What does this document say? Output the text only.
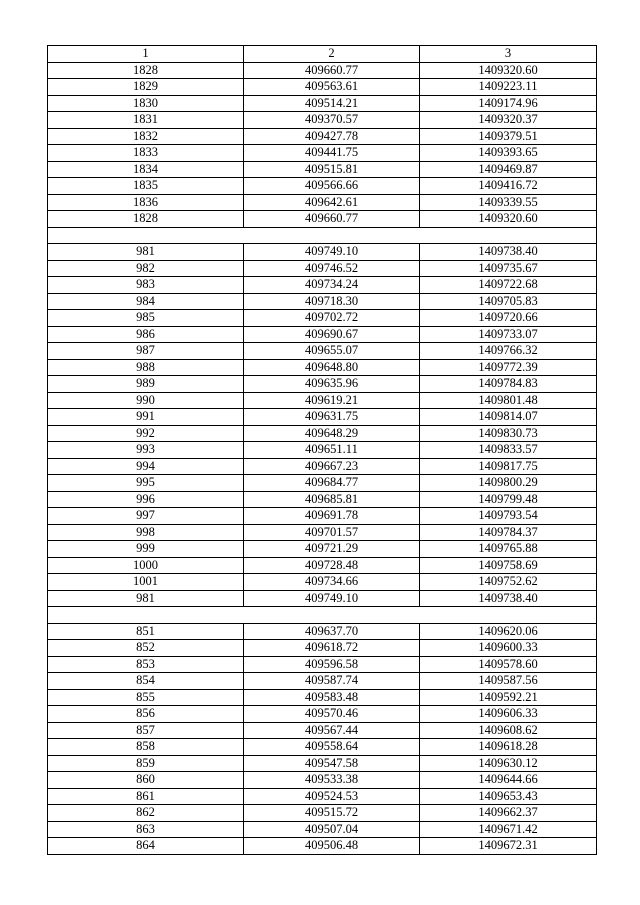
1	2	3
1828	409660.77	1409320.60
1829	409563.61	1409223.11
1830	409514.21	1409174.96
1831	409370.57	1409320.37
1832	409427.78	1409379.51
1833	409441.75	1409393.65
1834	409515.81	1409469.87
1835	409566.66	1409416.72
1836	409642.61	1409339.55
1828	409660.77	1409320.60

981	409749.10	1409738.40
982	409746.52	1409735.67
983	409734.24	1409722.68
984	409718.30	1409705.83
985	409702.72	1409720.66
986	409690.67	1409733.07
987	409655.07	1409766.32
988	409648.80	1409772.39
989	409635.96	1409784.83
990	409619.21	1409801.48
991	409631.75	1409814.07
992	409648.29	1409830.73
993	409651.11	1409833.57
994	409667.23	1409817.75
995	409684.77	1409800.29
996	409685.81	1409799.48
997	409691.78	1409793.54
998	409701.57	1409784.37
999	409721.29	1409765.88
1000	409728.48	1409758.69
1001	409734.66	1409752.62
981	409749.10	1409738.40

851	409637.70	1409620.06
852	409618.72	1409600.33
853	409596.58	1409578.60
854	409587.74	1409587.56
855	409583.48	1409592.21
856	409570.46	1409606.33
857	409567.44	1409608.62
858	409558.64	1409618.28
859	409547.58	1409630.12
860	409533.38	1409644.66
861	409524.53	1409653.43
862	409515.72	1409662.37
863	409507.04	1409671.42
864	409506.48	1409672.31
